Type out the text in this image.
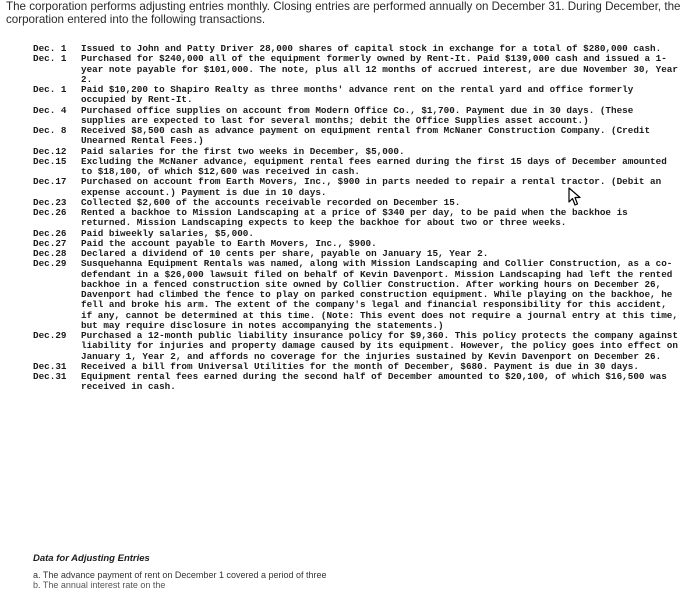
The corporation performs adjusting entries monthly. Closing entries are performed annually on December 31. During December, the corporation entered into the following transactions.

Dec. 1 Issued to John and Patty Driver 28,000 shares of capital stock in exchange for a total of $280,000 cash.
Dec. 1 Purchased for $240,000 all of the equipment formerly owned by Rent-It. Paid $139,000 cash and issued a 1-year note payable for $101,000. The note, plus all 12 months of accrued interest, are due November 30, Year 2.
Dec. 1 Paid $10,200 to Shapiro Realty as three months' advance rent on the rental yard and office formerly occupied by Rent-It.
Dec. 4 Purchased office supplies on account from Modern Office Co., $1,700. Payment due in 30 days. (These supplies are expected to last for several months; debit the Office Supplies asset account.)
Dec. 8 Received $8,500 cash as advance payment on equipment rental from McNaner Construction Company. (Credit Unearned Rental Fees.)
Dec.12 Paid salaries for the first two weeks in December, $5,000.
Dec.15 Excluding the McNaner advance, equipment rental fees earned during the first 15 days of December amounted to $18,100, of which $12,600 was received in cash.
Dec.17 Purchased on account from Earth Movers, Inc., $900 in parts needed to repair a rental tractor. (Debit an expense account.) Payment is due in 10 days.
Dec.23 Collected $2,600 of the accounts receivable recorded on December 15.
Dec.26 Rented a backhoe to Mission Landscaping at a price of $340 per day, to be paid when the backhoe is returned. Mission Landscaping expects to keep the backhoe for about two or three weeks.
Dec.26 Paid biweekly salaries, $5,000.
Dec.27 Paid the account payable to Earth Movers, Inc., $900.
Dec.28 Declared a dividend of 10 cents per share, payable on January 15, Year 2.
Dec.29 Susquehanna Equipment Rentals was named, along with Mission Landscaping and Collier Construction, as a co-defendant in a $26,000 lawsuit filed on behalf of Kevin Davenport. Mission Landscaping had left the rented backhoe in a fenced construction site owned by Collier Construction. After working hours on December 26, Davenport had climbed the fence to play on parked construction equipment. While playing on the backhoe, he fell and broke his arm. The extent of the company's legal and financial responsibility for this accident, if any, cannot be determined at this time. (Note: This event does not require a journal entry at this time, but may require disclosure in notes accompanying the statements.)
Dec.29 Purchased a 12-month public liability insurance policy for $9,360. This policy protects the company against liability for injuries and property damage caused by its equipment. However, the policy goes into effect on January 1, Year 2, and affords no coverage for the injuries sustained by Kevin Davenport on December 26.
Dec.31 Received a bill from Universal Utilities for the month of December, $680. Payment is due in 30 days.
Dec.31 Equipment rental fees earned during the second half of December amounted to $20,100, of which $16,500 was received in cash.
Data for Adjusting Entries
a. The advance payment of rent on December 1 covered a period of three
b. The annual interest rate on the
